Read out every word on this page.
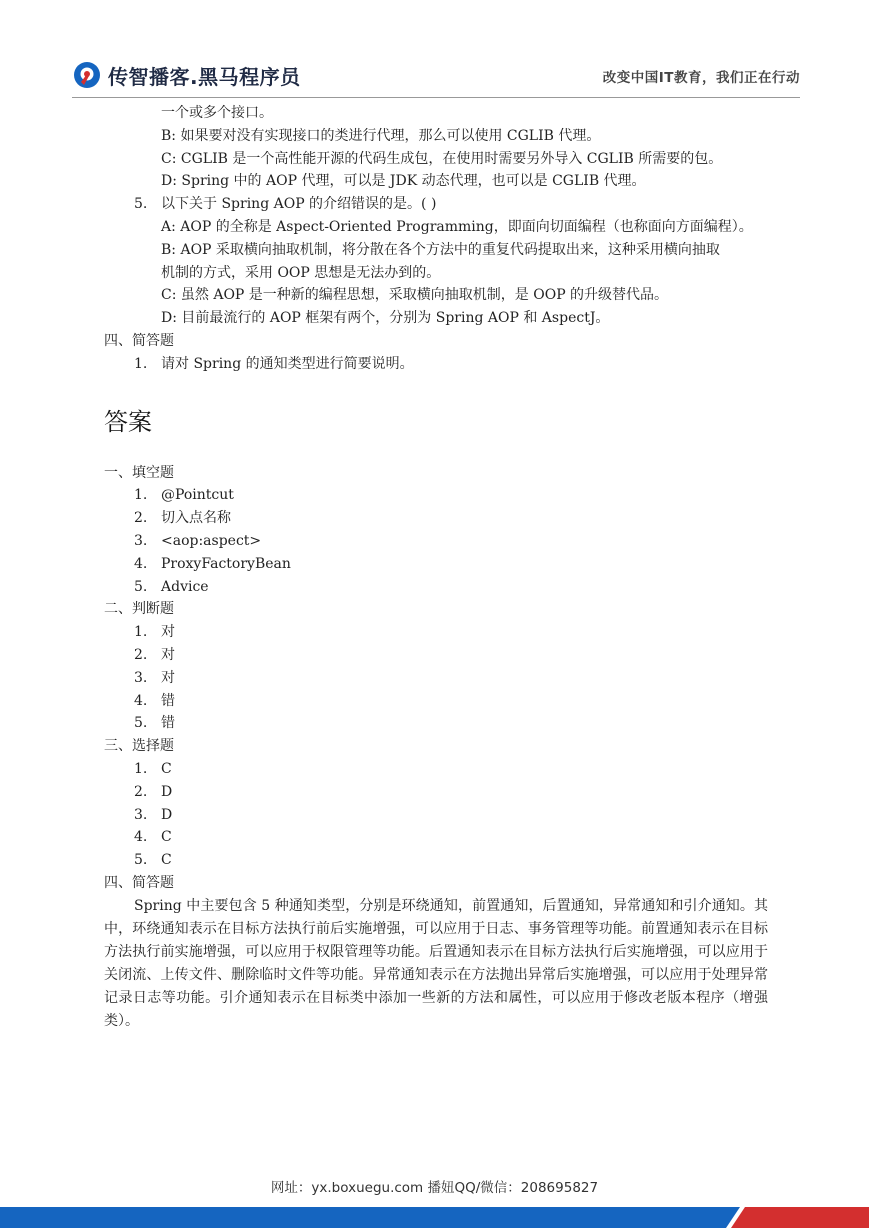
传智播客.黑马程序员	改变中国IT教育，我们正在行动
一个或多个接口。
B: 如果要对没有实现接口的类进行代理，那么可以使用 CGLIB 代理。
C: CGLIB 是一个高性能开源的代码生成包，在使用时需要另外导入 CGLIB 所需要的包。
D: Spring 中的 AOP 代理，可以是 JDK 动态代理，也可以是 CGLIB 代理。
5. 以下关于 Spring AOP 的介绍错误的是。( )
A: AOP 的全称是 Aspect-Oriented Programming，即面向切面编程（也称面向方面编程）。
B: AOP 采取横向抽取机制，将分散在各个方法中的重复代码提取出来，这种采用横向抽取
机制的方式，采用 OOP 思想是无法办到的。
C: 虽然 AOP 是一种新的编程思想，采取横向抽取机制，是 OOP 的升级替代品。
D: 目前最流行的 AOP 框架有两个，分别为 Spring AOP 和 AspectJ。
四、简答题
1. 请对 Spring 的通知类型进行简要说明。
答案
一、填空题
1. @Pointcut
2. 切入点名称
3. <aop:aspect>
4. ProxyFactoryBean
5. Advice
二、判断题
1. 对
2. 对
3. 对
4. 错
5. 错
三、选择题
1. C
2. D
3. D
4. C
5. C
四、简答题
Spring 中主要包含 5 种通知类型，分别是环绕通知，前置通知，后置通知，异常通知和引介通知。其中，环绕通知表示在目标方法执行前后实施增强，可以应用于日志、事务管理等功能。前置通知表示在目标方法执行前实施增强，可以应用于权限管理等功能。后置通知表示在目标方法执行后实施增强，可以应用于关闭流、上传文件、删除临时文件等功能。异常通知表示在方法抛出异常后实施增强，可以应用于处理异常记录日志等功能。引介通知表示在目标类中添加一些新的方法和属性，可以应用于修改老版本程序（增强类）。
网址：yx.boxuegu.com 播妞QQ/微信：208695827
